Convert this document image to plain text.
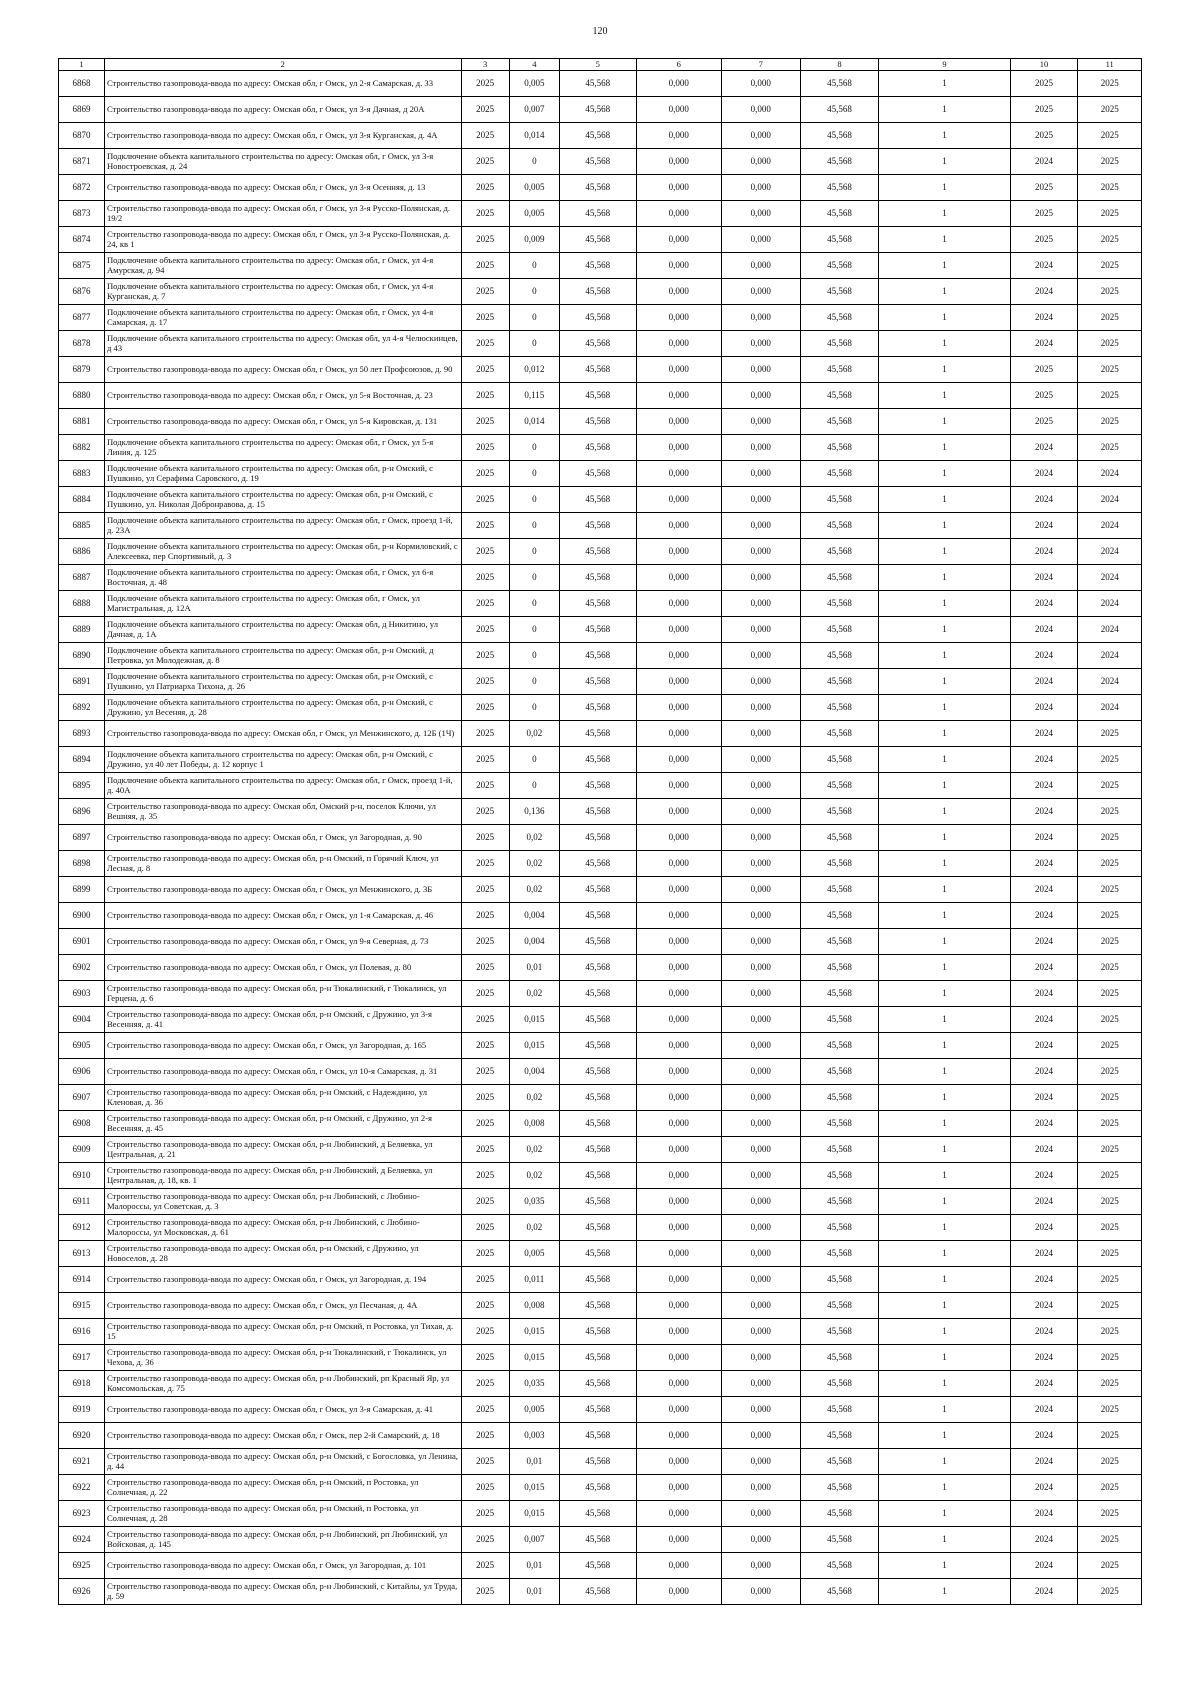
120
1	2	3	4	5	6	7	8	9	10	11
6868	Строительство газопровода-ввода по адресу: Омская обл, г Омск, ул 2-я Самарская, д. 33	2025	0,005	45,568	0,000	0,000	45,568	1	2025	2025
6869	Строительство газопровода-ввода по адресу: Омская обл, г Омск, ул 3-я Дачная, д 20А	2025	0,007	45,568	0,000	0,000	45,568	1	2025	2025
6870	Строительство газопровода-ввода по адресу: Омская обл, г Омск, ул 3-я Курганская, д. 4А	2025	0,014	45,568	0,000	0,000	45,568	1	2025	2025
6871	Подключение объекта капитального строительства по адресу: Омская обл, г Омск, ул 3-я Новостроевская, д. 24	2025	0	45,568	0,000	0,000	45,568	1	2024	2025
6872	Строительство газопровода-ввода по адресу: Омская обл, г Омск, ул 3-я Осенняя, д. 13	2025	0,005	45,568	0,000	0,000	45,568	1	2025	2025
6873	Строительство газопровода-ввода по адресу: Омская обл, г Омск, ул 3-я Русско-Полянская, д. 19/2	2025	0,005	45,568	0,000	0,000	45,568	1	2025	2025
6874	Строительство газопровода-ввода по адресу: Омская обл, г Омск, ул 3-я Русско-Полянская, д. 24, кв 1	2025	0,009	45,568	0,000	0,000	45,568	1	2025	2025
6875	Подключение объекта капитального строительства по адресу: Омская обл, г Омск, ул 4-я Амурская, д. 94	2025	0	45,568	0,000	0,000	45,568	1	2024	2025
6876	Подключение объекта капитального строительства по адресу: Омская обл, г Омск, ул 4-я Курганская, д. 7	2025	0	45,568	0,000	0,000	45,568	1	2024	2025
6877	Подключение объекта капитального строительства по адресу: Омская обл, г Омск, ул 4-я Самарская, д. 17	2025	0	45,568	0,000	0,000	45,568	1	2024	2025
6878	Подключение объекта капитального строительства по адресу: Омская обл, ул 4-я Челюскинцев, д 43	2025	0	45,568	0,000	0,000	45,568	1	2024	2025
6879	Строительство газопровода-ввода по адресу: Омская обл, г Омск, ул 50 лет Профсоюзов, д. 90	2025	0,012	45,568	0,000	0,000	45,568	1	2025	2025
6880	Строительство газопровода-ввода по адресу: Омская обл, г Омск, ул 5-я Восточная, д. 23	2025	0,115	45,568	0,000	0,000	45,568	1	2025	2025
6881	Строительство газопровода-ввода по адресу: Омская обл, г Омск, ул 5-я Кировская, д. 131	2025	0,014	45,568	0,000	0,000	45,568	1	2025	2025
6882	Подключение объекта капитального строительства по адресу: Омская обл, г Омск, ул 5-я Линия, д. 125	2025	0	45,568	0,000	0,000	45,568	1	2024	2025
6883	Подключение объекта капитального строительства по адресу: Омская обл, р-н Омский, с Пушкино, ул Серафима Саровского, д. 19	2025	0	45,568	0,000	0,000	45,568	1	2024	2024
6884	Подключение объекта капитального строительства по адресу: Омская обл, р-н Омский, с Пушкино, ул. Николая Добронравова, д. 15	2025	0	45,568	0,000	0,000	45,568	1	2024	2024
6885	Подключение объекта капитального строительства по адресу: Омская обл, г Омск, проезд 1-й, д. 23А	2025	0	45,568	0,000	0,000	45,568	1	2024	2024
6886	Подключение объекта капитального строительства по адресу: Омская обл, р-н Кормиловский, с Алексеевка, пер Спортивный, д. 3	2025	0	45,568	0,000	0,000	45,568	1	2024	2024
6887	Подключение объекта капитального строительства по адресу: Омская обл, г Омск, ул 6-я Восточная, д. 48	2025	0	45,568	0,000	0,000	45,568	1	2024	2024
6888	Подключение объекта капитального строительства по адресу: Омская обл, г Омск, ул Магистральная, д. 12А	2025	0	45,568	0,000	0,000	45,568	1	2024	2024
6889	Подключение объекта капитального строительства по адресу: Омская обл, д Никитино, ул Дачная, д. 1А	2025	0	45,568	0,000	0,000	45,568	1	2024	2024
6890	Подключение объекта капитального строительства по адресу: Омская обл, р-н Омский, д Петровка, ул Молодежная, д. 8	2025	0	45,568	0,000	0,000	45,568	1	2024	2024
6891	Подключение объекта капитального строительства по адресу: Омская обл, р-н Омский, с Пушкино, ул Патриарха Тихона, д. 26	2025	0	45,568	0,000	0,000	45,568	1	2024	2024
6892	Подключение объекта капитального строительства по адресу: Омская обл, р-н Омский, с Дружино, ул Весеняя, д. 28	2025	0	45,568	0,000	0,000	45,568	1	2024	2024
6893	Строительство газопровода-ввода по адресу: Омская обл, г Омск, ул Менжинского, д. 12Б (1Ч)	2025	0,02	45,568	0,000	0,000	45,568	1	2024	2025
6894	Подключение объекта капитального строительства по адресу: Омская обл, р-н Омский, с Дружино, ул 40 лет Победы, д. 12 корпус 1	2025	0	45,568	0,000	0,000	45,568	1	2024	2025
6895	Подключение объекта капитального строительства по адресу: Омская обл, г Омск, проезд 1-й, д. 40А	2025	0	45,568	0,000	0,000	45,568	1	2024	2025
6896	Строительство газопровода-ввода по адресу: Омская обл, Омский р-н, поселок Ключи, ул Вешняя, д. 35	2025	0,136	45,568	0,000	0,000	45,568	1	2024	2025
6897	Строительство газопровода-ввода по адресу: Омская обл, г Омск, ул Загородная, д. 90	2025	0,02	45,568	0,000	0,000	45,568	1	2024	2025
6898	Строительство газопровода-ввода по адресу: Омская обл, р-н Омский, п Горячий Ключ, ул Лесная, д. 8	2025	0,02	45,568	0,000	0,000	45,568	1	2024	2025
6899	Строительство газопровода-ввода по адресу: Омская обл, г Омск, ул Менжинского, д. 3Б	2025	0,02	45,568	0,000	0,000	45,568	1	2024	2025
6900	Строительство газопровода-ввода по адресу: Омская обл, г Омск, ул 1-я Самарская, д. 46	2025	0,004	45,568	0,000	0,000	45,568	1	2024	2025
6901	Строительство газопровода-ввода по адресу: Омская обл, г Омск, ул 9-я Северная, д. 73	2025	0,004	45,568	0,000	0,000	45,568	1	2024	2025
6902	Строительство газопровода-ввода по адресу: Омская обл, г Омск, ул Полевая, д. 80	2025	0,01	45,568	0,000	0,000	45,568	1	2024	2025
6903	Строительство газопровода-ввода по адресу: Омская обл, р-н Тюкалинский, г Тюкалинск, ул Герцена, д. 6	2025	0,02	45,568	0,000	0,000	45,568	1	2024	2025
6904	Строительство газопровода-ввода по адресу: Омская обл, р-н Омский, с Дружино, ул 3-я Весенняя, д. 41	2025	0,015	45,568	0,000	0,000	45,568	1	2024	2025
6905	Строительство газопровода-ввода по адресу: Омская обл, г Омск, ул Загородная, д. 165	2025	0,015	45,568	0,000	0,000	45,568	1	2024	2025
6906	Строительство газопровода-ввода по адресу: Омская обл, г Омск, ул 10-я Самарская, д. 31	2025	0,004	45,568	0,000	0,000	45,568	1	2024	2025
6907	Строительство газопровода-ввода по адресу: Омская обл, р-н Омский, с Надеждино, ул Кленовая, д. 36	2025	0,02	45,568	0,000	0,000	45,568	1	2024	2025
6908	Строительство газопровода-ввода по адресу: Омская обл, р-н Омский, с Дружино, ул 2-я Весенняя, д. 45	2025	0,008	45,568	0,000	0,000	45,568	1	2024	2025
6909	Строительство газопровода-ввода по адресу: Омская обл, р-н Любинский, д Беляевка, ул Центральная, д. 21	2025	0,02	45,568	0,000	0,000	45,568	1	2024	2025
6910	Строительство газопровода-ввода по адресу: Омская обл, р-н Любинский, д Беляевка, ул Центральная, д. 18, кв. 1	2025	0,02	45,568	0,000	0,000	45,568	1	2024	2025
6911	Строительство газопровода-ввода по адресу: Омская обл, р-н Любинский, с Любино-Малороссы, ул Советская, д. 3	2025	0,035	45,568	0,000	0,000	45,568	1	2024	2025
6912	Строительство газопровода-ввода по адресу: Омская обл, р-н Любинский, с Любино-Малороссы, ул Московская, д. 61	2025	0,02	45,568	0,000	0,000	45,568	1	2024	2025
6913	Строительство газопровода-ввода по адресу: Омская обл, р-н Омский, с Дружино, ул Новоселов, д. 28	2025	0,005	45,568	0,000	0,000	45,568	1	2024	2025
6914	Строительство газопровода-ввода по адресу: Омская обл, г Омск, ул Загородная, д. 194	2025	0,011	45,568	0,000	0,000	45,568	1	2024	2025
6915	Строительство газопровода-ввода по адресу: Омская обл, г Омск, ул Песчаная, д. 4А	2025	0,008	45,568	0,000	0,000	45,568	1	2024	2025
6916	Строительство газопровода-ввода по адресу: Омская обл, р-н Омский, п Ростовка, ул Тихая, д. 15	2025	0,015	45,568	0,000	0,000	45,568	1	2024	2025
6917	Строительство газопровода-ввода по адресу: Омская обл, р-н Тюкалинский, г Тюкалинск, ул Чехова, д. 36	2025	0,015	45,568	0,000	0,000	45,568	1	2024	2025
6918	Строительство газопровода-ввода по адресу: Омская обл, р-н Любинский, рп Красный Яр, ул Комсомольская, д. 75	2025	0,035	45,568	0,000	0,000	45,568	1	2024	2025
6919	Строительство газопровода-ввода по адресу: Омская обл, г Омск, ул 3-я Самарская, д. 41	2025	0,005	45,568	0,000	0,000	45,568	1	2024	2025
6920	Строительство газопровода-ввода по адресу: Омская обл, г Омск, пер 2-й Самарский, д. 18	2025	0,003	45,568	0,000	0,000	45,568	1	2024	2025
6921	Строительство газопровода-ввода по адресу: Омская обл, р-н Омский, с Богословка, ул Ленина, д. 44	2025	0,01	45,568	0,000	0,000	45,568	1	2024	2025
6922	Строительство газопровода-ввода по адресу: Омская обл, р-н Омский, п Ростовка, ул Солнечная, д. 22	2025	0,015	45,568	0,000	0,000	45,568	1	2024	2025
6923	Строительство газопровода-ввода по адресу: Омская обл, р-н Омский, п Ростовка, ул Солнечная, д. 28	2025	0,015	45,568	0,000	0,000	45,568	1	2024	2025
6924	Строительство газопровода-ввода по адресу: Омская обл, р-н Любинский, рп Любинский, ул Войсковая, д. 145	2025	0,007	45,568	0,000	0,000	45,568	1	2024	2025
6925	Строительство газопровода-ввода по адресу: Омская обл, г Омск, ул Загородная, д. 101	2025	0,01	45,568	0,000	0,000	45,568	1	2024	2025
6926	Строительство газопровода-ввода по адресу: Омская обл, р-н Любинский, с Китайлы, ул Труда, д. 59	2025	0,01	45,568	0,000	0,000	45,568	1	2024	2025
